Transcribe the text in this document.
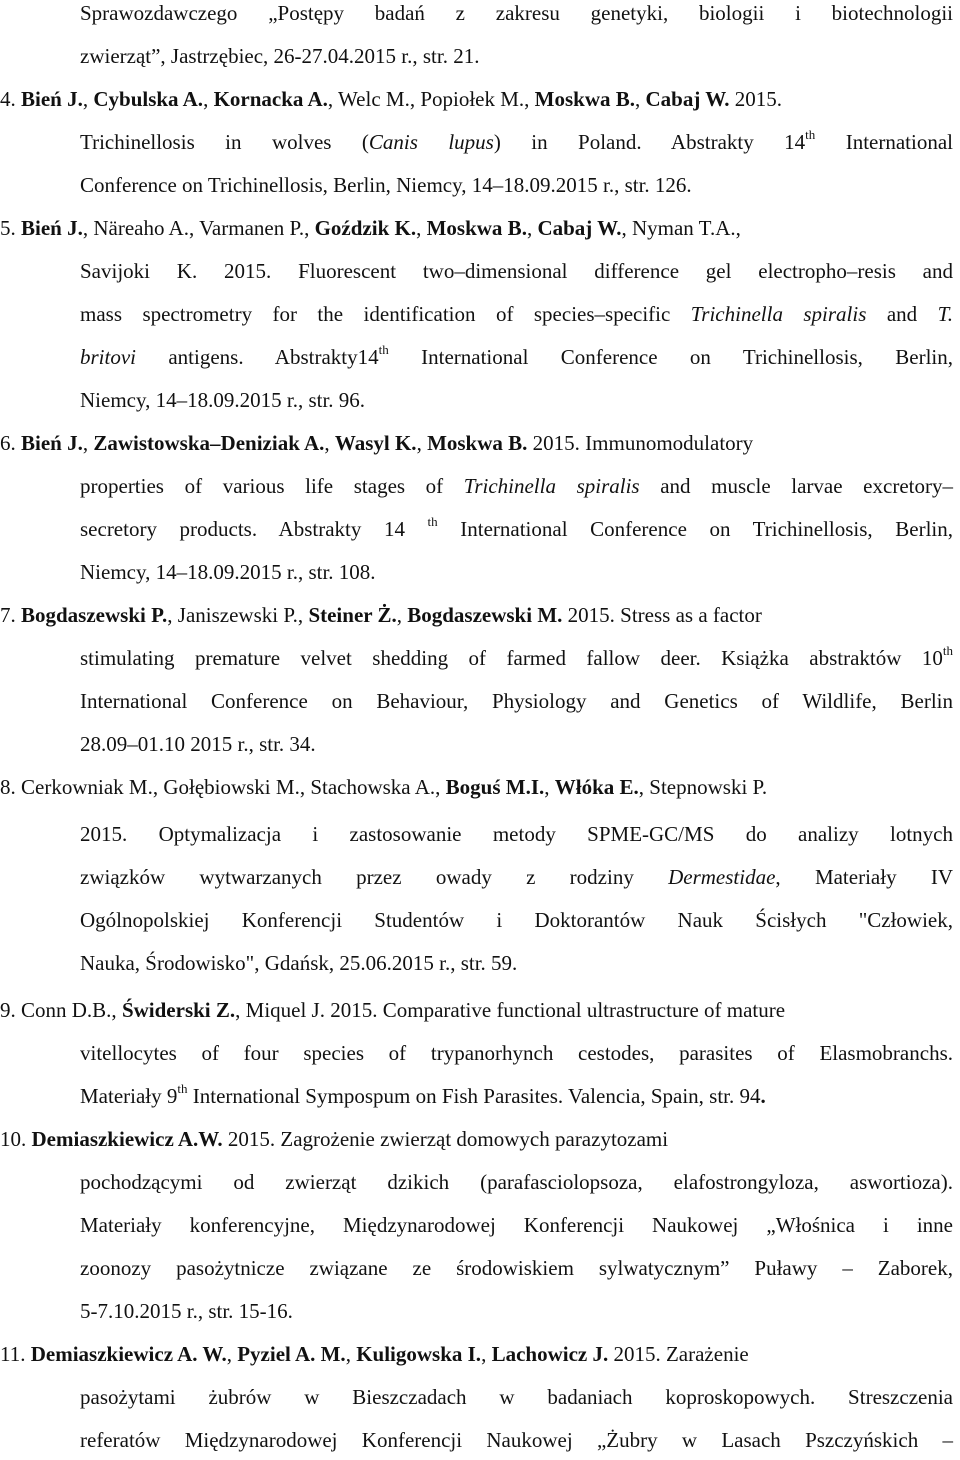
Sprawozdawczego „Postępy badań z zakresu genetyki, biologii i biotechnologii
zwierząt”, Jastrzębiec, 26-27.04.2015 r., str. 21.
4. Bień J., Cybulska A., Kornacka A., Welc M., Popiołek M., Moskwa B., Cabaj W. 2015.
Trichinellosis in wolves (Canis lupus) in Poland. Abstrakty 14th International
Conference on Trichinellosis, Berlin, Niemcy, 14–18.09.2015 r., str. 126.
5. Bień J., Näreaho A., Varmanen P., Goździk K., Moskwa B., Cabaj W., Nyman T.A.,
Savijoki K. 2015. Fluorescent two–dimensional difference gel electropho–resis and
mass spectrometry for the identification of species–specific Trichinella spiralis and T.
britovi antigens. Abstrakty14th International Conference on Trichinellosis, Berlin,
Niemcy, 14–18.09.2015 r., str. 96.
6. Bień J., Zawistowska–Deniziak A., Wasyl K., Moskwa B. 2015. Immunomodulatory
properties of various life stages of Trichinella spiralis and muscle larvae excretory–
secretory products. Abstrakty 14 $^{th}$ International Conference on Trichinellosis, Berlin,
Niemcy, 14–18.09.2015 r., str. 108.
7. Bogdaszewski P., Janiszewski P., Steiner Ż., Bogdaszewski M. 2015. Stress as a factor
stimulating premature velvet shedding of farmed fallow deer. Książka abstraktów 10th
International Conference on Behaviour, Physiology and Genetics of Wildlife, Berlin
28.09–01.10 2015 r., str. 34.
8. Cerkowniak M., Gołębiowski M., Stachowska A., Boguś M.I., Włóka E., Stepnowski P.
2015. Optymalizacja i zastosowanie metody SPME-GC/MS do analizy lotnych
związków wytwarzanych przez owady z rodziny Dermestidae, Materiały IV
Ogólnopolskiej Konferencji Studentów i Doktorantów Nauk Ścisłych "Człowiek,
Nauka, Środowisko", Gdańsk, 25.06.2015 r., str. 59.
9. Conn D.B., Świderski Z., Miquel J. 2015. Comparative functional ultrastructure of mature
vitellocytes of four species of trypanorhynch cestodes, parasites of Elasmobranchs.
Materiały 9th International Sympospum on Fish Parasites. Valencia, Spain, str. 94.
10. Demiaszkiewicz A.W. 2015. Zagrożenie zwierząt domowych parazytozami
pochodzącymi od zwierząt dzikich (parafasciolopsoza, elafostrongyloza, aswortioza).
Materiały konferencyjne, Międzynarodowej Konferencji Naukowej „Włośnica i inne
zoonozy pasożytnicze związane ze środowiskiem sylwatycznym” Puławy – Zaborek,
5-7.10.2015 r., str. 15-16.
11. Demiaszkiewicz A. W., Pyziel A. M., Kuligowska I., Lachowicz J. 2015. Zarażenie
pasożytami żubrów w Bieszczadach w badaniach koproskopowych. Streszczenia
referatów Międzynarodowej Konferencji Naukowej „Żubry w Lasach Pszczyńskich –
